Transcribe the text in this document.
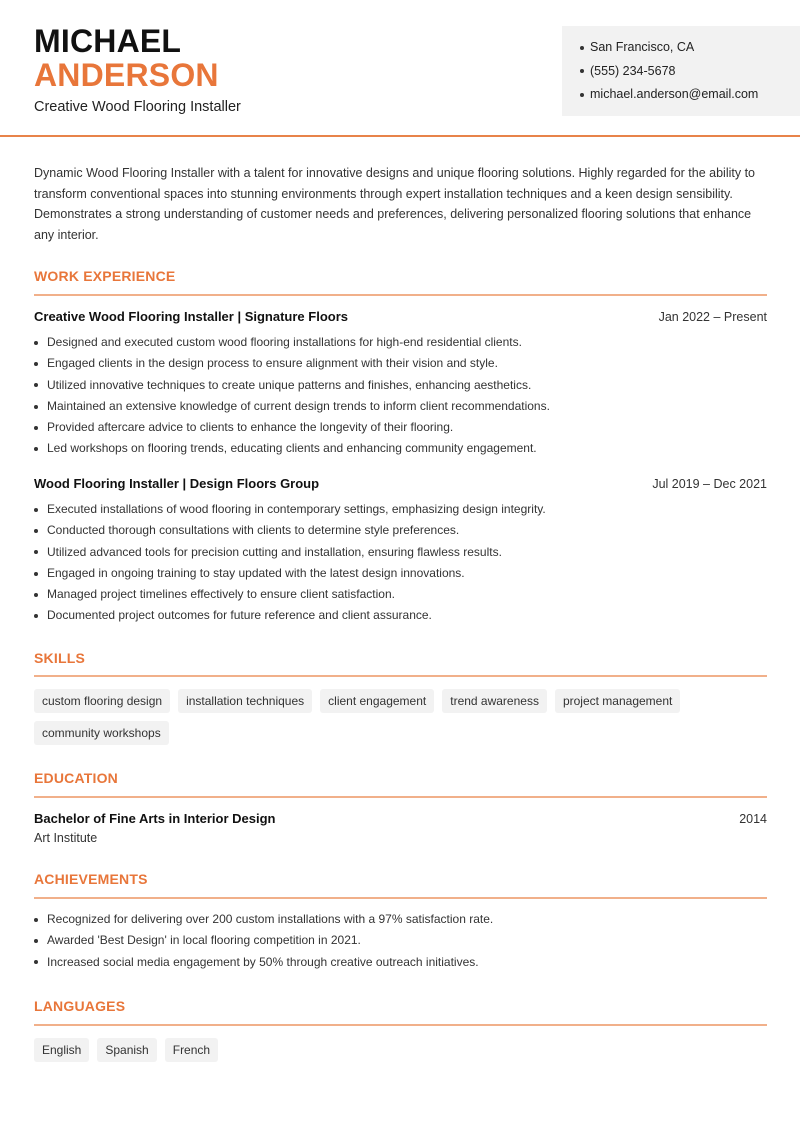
MICHAEL
ANDERSON
Creative Wood Flooring Installer
San Francisco, CA
(555) 234-5678
michael.anderson@email.com

Dynamic Wood Flooring Installer with a talent for innovative designs and unique flooring solutions. Highly regarded for the ability to transform conventional spaces into stunning environments through expert installation techniques and a keen design sensibility. Demonstrates a strong understanding of customer needs and preferences, delivering personalized flooring solutions that enhance any interior.

WORK EXPERIENCE
Creative Wood Flooring Installer | Signature Floors	Jan 2022 – Present
Designed and executed custom wood flooring installations for high-end residential clients.
Engaged clients in the design process to ensure alignment with their vision and style.
Utilized innovative techniques to create unique patterns and finishes, enhancing aesthetics.
Maintained an extensive knowledge of current design trends to inform client recommendations.
Provided aftercare advice to clients to enhance the longevity of their flooring.
Led workshops on flooring trends, educating clients and enhancing community engagement.
Wood Flooring Installer | Design Floors Group	Jul 2019 – Dec 2021
Executed installations of wood flooring in contemporary settings, emphasizing design integrity.
Conducted thorough consultations with clients to determine style preferences.
Utilized advanced tools for precision cutting and installation, ensuring flawless results.
Engaged in ongoing training to stay updated with the latest design innovations.
Managed project timelines effectively to ensure client satisfaction.
Documented project outcomes for future reference and client assurance.
SKILLS
custom flooring design	installation techniques	client engagement	trend awareness	project management
community workshops
EDUCATION
Bachelor of Fine Arts in Interior Design	2014
Art Institute
ACHIEVEMENTS
Recognized for delivering over 200 custom installations with a 97% satisfaction rate.
Awarded 'Best Design' in local flooring competition in 2021.
Increased social media engagement by 50% through creative outreach initiatives.
LANGUAGES
English	Spanish	French
